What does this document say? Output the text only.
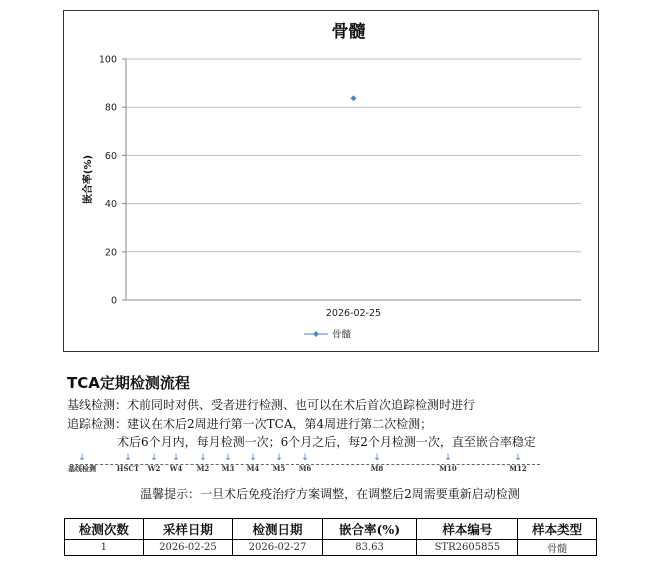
骨髓
0
20
40
60
80
100
嵌合率(%)
2026-02-25
骨髓
TCA定期检测流程
基线检测：术前同时对供、受者进行检测、也可以在术后首次追踪检测时进行
追踪检测：建议在术后2周进行第一次TCA，第4周进行第二次检测；
术后6个月内，每月检测一次；6个月之后，每2个月检测一次，直至嵌合率稳定
↓
基线检测
↓
HSCT
↓
W2
↓
W4
↓
M2
↓
M3
↓
M4
↓
M5
↓
M6
↓
M8
↓
M10
↓
M12
温馨提示：一旦术后免疫治疗方案调整，在调整后2周需要重新启动检测
检测次数	采样日期	检测日期	嵌合率(%)	样本编号	样本类型
1	2026-02-25	2026-02-27	83.63	STR2605855	骨髓
